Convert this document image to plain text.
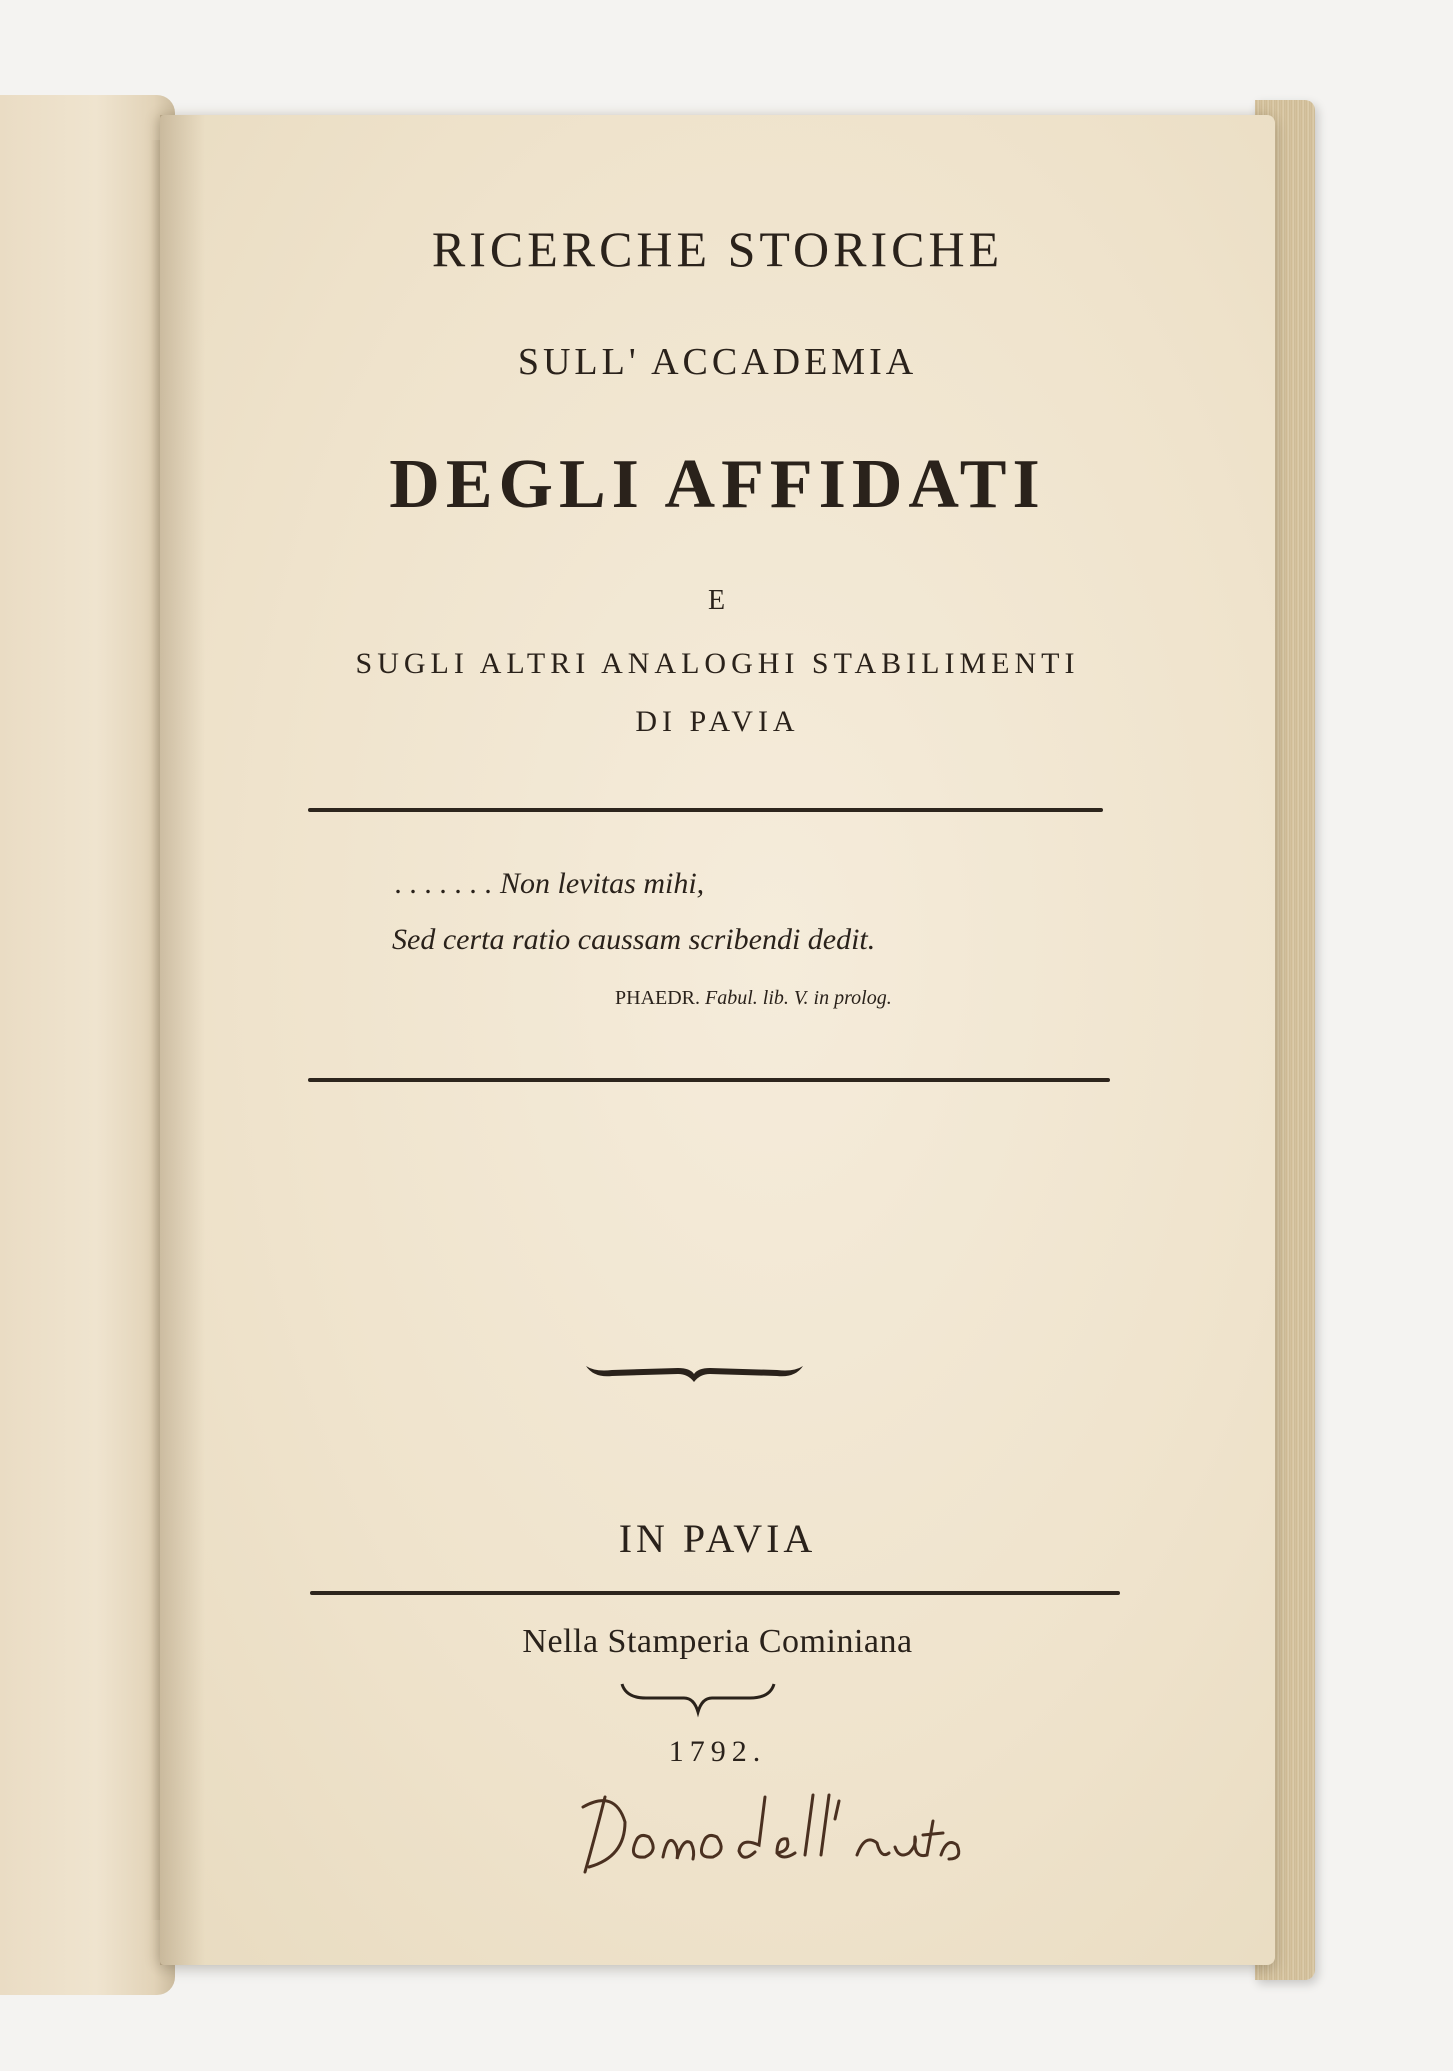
RICERCHE STORICHE
SULL' ACCADEMIA
DEGLI AFFIDATI
E
SUGLI ALTRI ANALOGHI STABILIMENTI
DI PAVIA
. . . . . . . Non levitas mihi,
Sed certa ratio caussam scribendi dedit.
PHAEDR. Fabul. lib. V. in prolog.
IN PAVIA
Nella Stamperia Cominiana
1792.
Dono dell' autore
